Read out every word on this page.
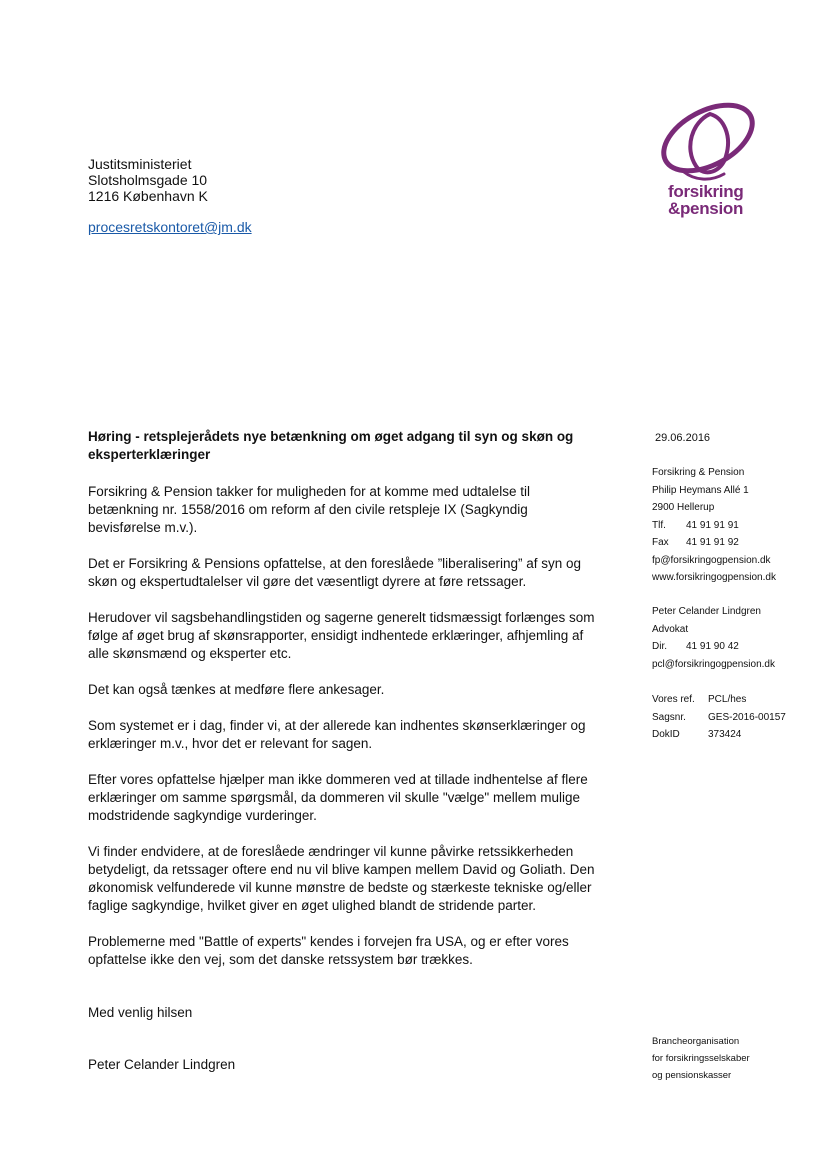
Justitsministeriet
Slotsholmsgade 10
1216 København K
procesretskontoret@jm.dk
forsikring
&pension
Høring - retsplejerådets nye betænkning om øget adgang til syn og skøn og eksperterklæringer

Forsikring & Pension takker for muligheden for at komme med udtalelse til betænkning nr. 1558/2016 om reform af den civile retspleje IX (Sagkyndig bevisførelse m.v.).

Det er Forsikring & Pensions opfattelse, at den foreslåede ”liberalisering” af syn og skøn og ekspertudtalelser vil gøre det væsentligt dyrere at føre retssager.

Herudover vil sagsbehandlingstiden og sagerne generelt tidsmæssigt forlænges som følge af øget brug af skønsrapporter, ensidigt indhentede erklæringer, afhjemling af alle skønsmænd og eksperter etc.

Det kan også tænkes at medføre flere ankesager.

Som systemet er i dag, finder vi, at der allerede kan indhentes skønserklæringer og erklæringer m.v., hvor det er relevant for sagen.

Efter vores opfattelse hjælper man ikke dommeren ved at tillade indhentelse af flere erklæringer om samme spørgsmål, da dommeren vil skulle "vælge" mellem mulige modstridende sagkyndige vurderinger.

Vi finder endvidere, at de foreslåede ændringer vil kunne påvirke retssikkerheden betydeligt, da retssager oftere end nu vil blive kampen mellem David og Goliath. Den økonomisk velfunderede vil kunne mønstre de bedste og stærkeste tekniske og/eller faglige sagkyndige, hvilket giver en øget ulighed blandt de stridende parter.

Problemerne med "Battle of experts" kendes i forvejen fra USA, og er efter vores opfattelse ikke den vej, som det danske retssystem bør trækkes.

Med venlig hilsen
Peter Celander Lindgren
29.06.2016
Forsikring & Pension
Philip Heymans Allé 1
2900 Hellerup
Tlf. 41 91 91 91
Fax 41 91 91 92
fp@forsikringogpension.dk
www.forsikringogpension.dk
Peter Celander Lindgren
Advokat
Dir. 41 91 90 42
pcl@forsikringogpension.dk
Vores ref. PCL/hes
Sagsnr. GES-2016-00157
DokID	373424
Brancheorganisation
for forsikringsselskaber
og pensionskasser
